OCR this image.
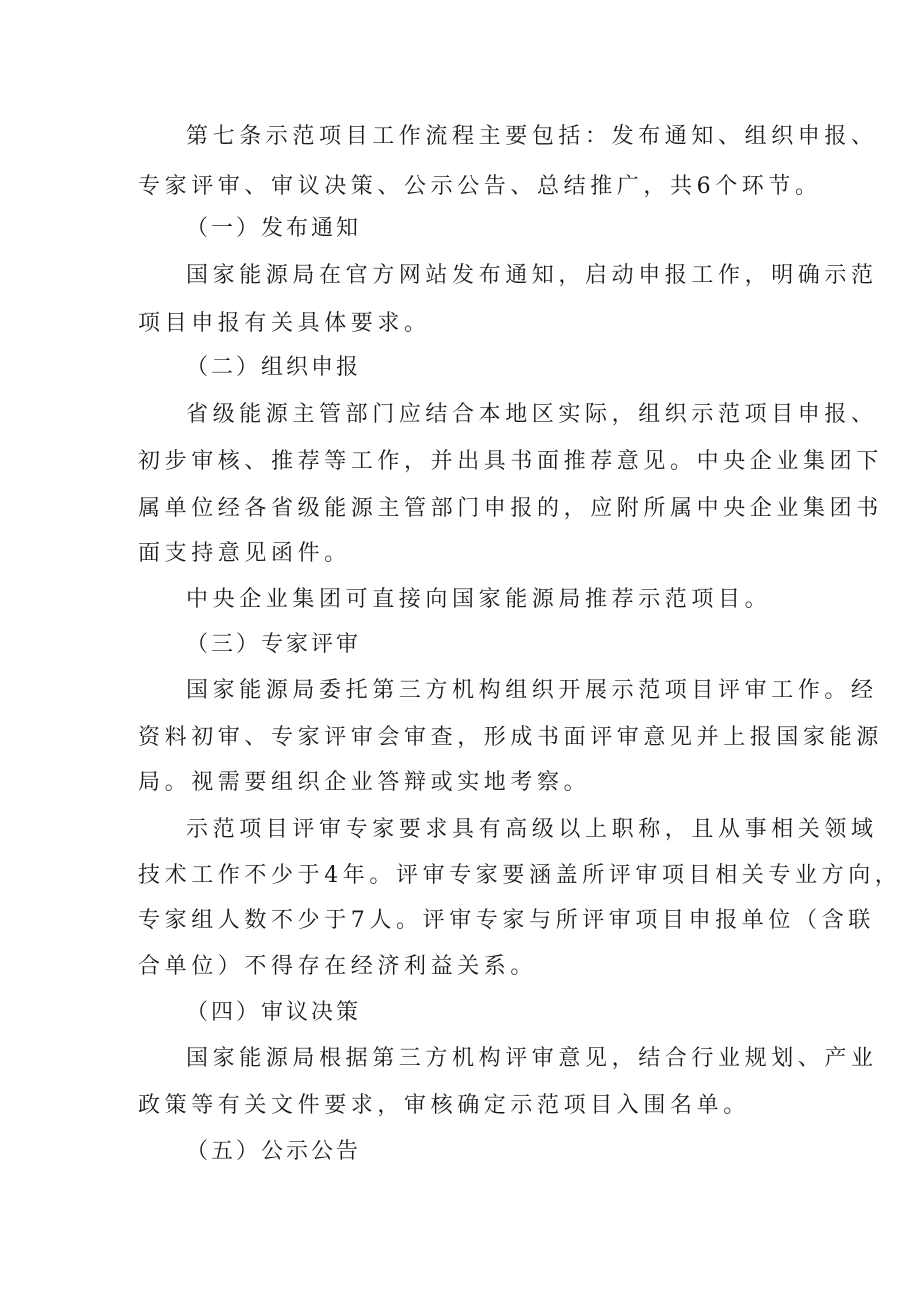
第七条示范项目工作流程主要包括：发布通知、组织申报、
专家评审、审议决策、公示公告、总结推广，共6个环节。
（一）发布通知
国家能源局在官方网站发布通知，启动申报工作，明确示范
项目申报有关具体要求。
（二）组织申报
省级能源主管部门应结合本地区实际，组织示范项目申报、
初步审核、推荐等工作，并出具书面推荐意见。中央企业集团下
属单位经各省级能源主管部门申报的，应附所属中央企业集团书
面支持意见函件。
中央企业集团可直接向国家能源局推荐示范项目。
（三）专家评审
国家能源局委托第三方机构组织开展示范项目评审工作。经
资料初审、专家评审会审查，形成书面评审意见并上报国家能源
局。视需要组织企业答辩或实地考察。
示范项目评审专家要求具有高级以上职称，且从事相关领域
技术工作不少于4年。评审专家要涵盖所评审项目相关专业方向，
专家组人数不少于7人。评审专家与所评审项目申报单位（含联
合单位）不得存在经济利益关系。
（四）审议决策
国家能源局根据第三方机构评审意见，结合行业规划、产业
政策等有关文件要求，审核确定示范项目入围名单。
（五）公示公告
